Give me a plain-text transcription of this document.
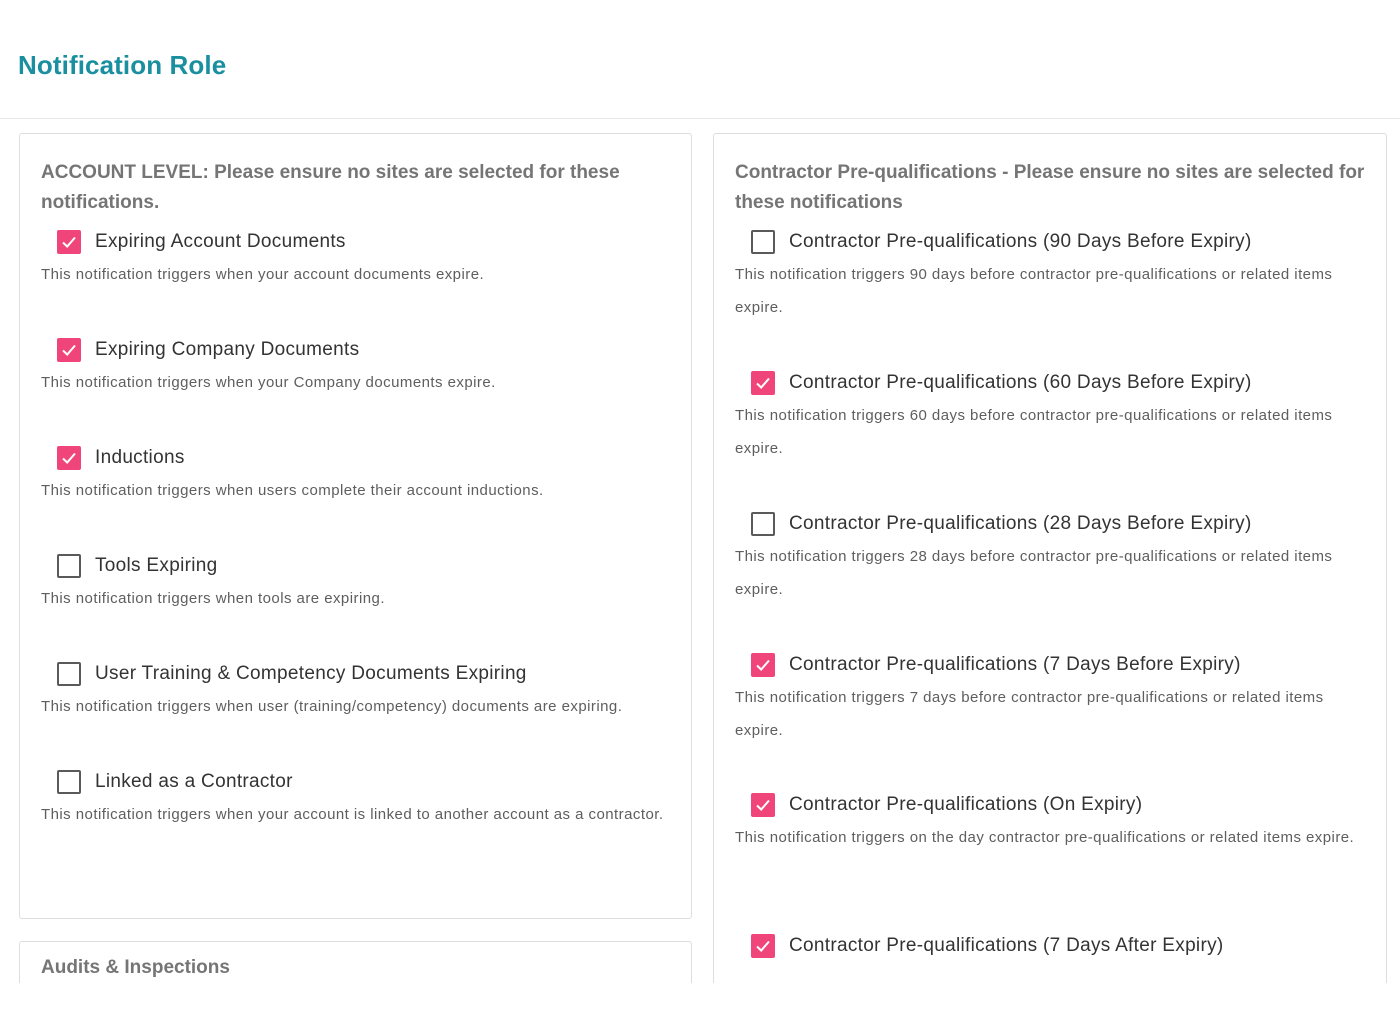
Notification Role
ACCOUNT LEVEL: Please ensure no sites are selected for these notifications.
Expiring Account Documents
This notification triggers when your account documents expire.
Expiring Company Documents
This notification triggers when your Company documents expire.
Inductions
This notification triggers when users complete their account inductions.
Tools Expiring
This notification triggers when tools are expiring.
User Training & Competency Documents Expiring
This notification triggers when user (training/competency) documents are expiring.
Linked as a Contractor
This notification triggers when your account is linked to another account as a contractor.
Audits & Inspections
Contractor Pre-qualifications - Please ensure no sites are selected for these notifications
Contractor Pre-qualifications (90 Days Before Expiry)
This notification triggers 90 days before contractor pre-qualifications or related items expire.
Contractor Pre-qualifications (60 Days Before Expiry)
This notification triggers 60 days before contractor pre-qualifications or related items expire.
Contractor Pre-qualifications (28 Days Before Expiry)
This notification triggers 28 days before contractor pre-qualifications or related items expire.
Contractor Pre-qualifications (7 Days Before Expiry)
This notification triggers 7 days before contractor pre-qualifications or related items expire.
Contractor Pre-qualifications (On Expiry)
This notification triggers on the day contractor pre-qualifications or related items expire.
Contractor Pre-qualifications (7 Days After Expiry)
